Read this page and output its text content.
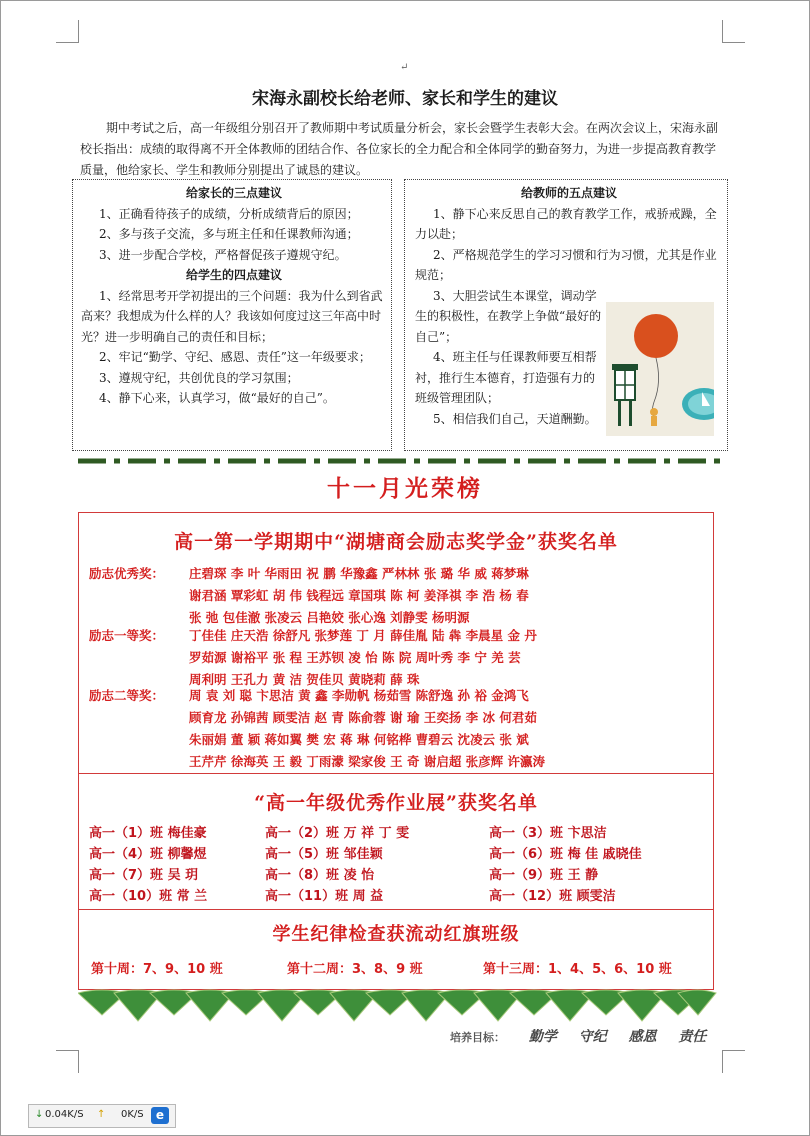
↵
宋海永副校长给老师、家长和学生的建议
期中考试之后，高一年级组分别召开了教师期中考试质量分析会，家长会暨学生表彰大会。在两次会议上，宋海永副校长指出：成绩的取得离不开全体教师的团结合作、各位家长的全力配合和全体同学的勤奋努力，为进一步提高教育教学质量，他给家长、学生和教师分别提出了诚恳的建议。
给家长的三点建议

1、正确看待孩子的成绩，分析成绩背后的原因；

2、多与孩子交流，多与班主任和任课教师沟通；

3、进一步配合学校，严格督促孩子遵规守纪。

给学生的四点建议

1、经常思考开学初提出的三个问题：我为什么到省武高来？我想成为什么样的人？我该如何度过这三年高中时光？进一步明确自己的责任和目标；

2、牢记“勤学、守纪、感恩、责任”这一年级要求；

3、遵规守纪，共创优良的学习氛围；

4、静下心来，认真学习，做“最好的自己”。

给教师的五点建议

1、静下心来反思自己的教育教学工作，戒骄戒躁，全力以赴；

2、严格规范学生的学习习惯和行为习惯，尤其是作业规范；

3、大胆尝试生本课堂，调动学生的积极性，在教学上争做“最好的自己”；

4、班主任与任课教师要互相帮衬，推行生本德育，打造强有力的班级管理团队；

5、相信我们自己，天道酬勤。

十一月光荣榜
高一第一学期期中“湖塘商会励志奖学金”获奖名单
励志优秀奖：	庄碧琛 李 叶 华雨田 祝 鹏 华豫鑫 严林林 张 璐 华 威 蒋梦琳
谢君涵 覃彩虹 胡 伟 钱程远 章国琪 陈 柯 姜泽祺 李 浩 杨 春
张 弛 包佳澈 张凌云 吕艳姣 张心逸 刘静雯 杨明源
励志一等奖：	丁佳佳 庄天浩 徐舒凡 张梦莲 丁 月 薛佳胤 陆 犇 李晨星 金 丹
罗茹源 谢裕平 张 程 王苏钡 凌 怡 陈 院 周叶秀 李 宁 羌 芸
周利明 王孔力 黄 洁 贺佳贝 黄晓莉 薛 珠
励志二等奖：	周 袁 刘 聪 卞思洁 黄 鑫 李勋帆 杨茹雪 陈舒逸 孙 裕 金鸿飞
顾育龙 孙锦茜 顾雯洁 赵 青 陈俞蓉 谢 瑜 王奕扬 李 冰 何君茹
朱丽娟 董 颖 蒋如翼 樊 宏 蒋 琳 何铭桦 曹碧云 沈凌云 张 斌
王芹芹 徐海英 王 毅 丁雨濛 梁家俊 王 奇 谢启超 张彦辉 许瀛涛
“高一年级优秀作业展”获奖名单
高一（1）班 梅佳豪	高一（2）班 万 祥 丁 雯	高一（3）班 卞思洁
高一（4）班 柳馨煜	高一（5）班 邹佳颖	高一（6）班 梅 佳 戚晓佳
高一（7）班 吴 玥	高一（8）班 凌 怡	高一（9）班 王 静
高一（10）班 常 兰	高一（11）班 周 益	高一（12）班 顾雯洁
学生纪律检查获流动红旗班级
第十周：7、9、10 班	第十二周：3、8、9 班	第十三周：1、4、5、6、10 班
培养目标： 勤学 守纪 感恩 责任
↓ 0.04K/S ↑ 0K/S	e
